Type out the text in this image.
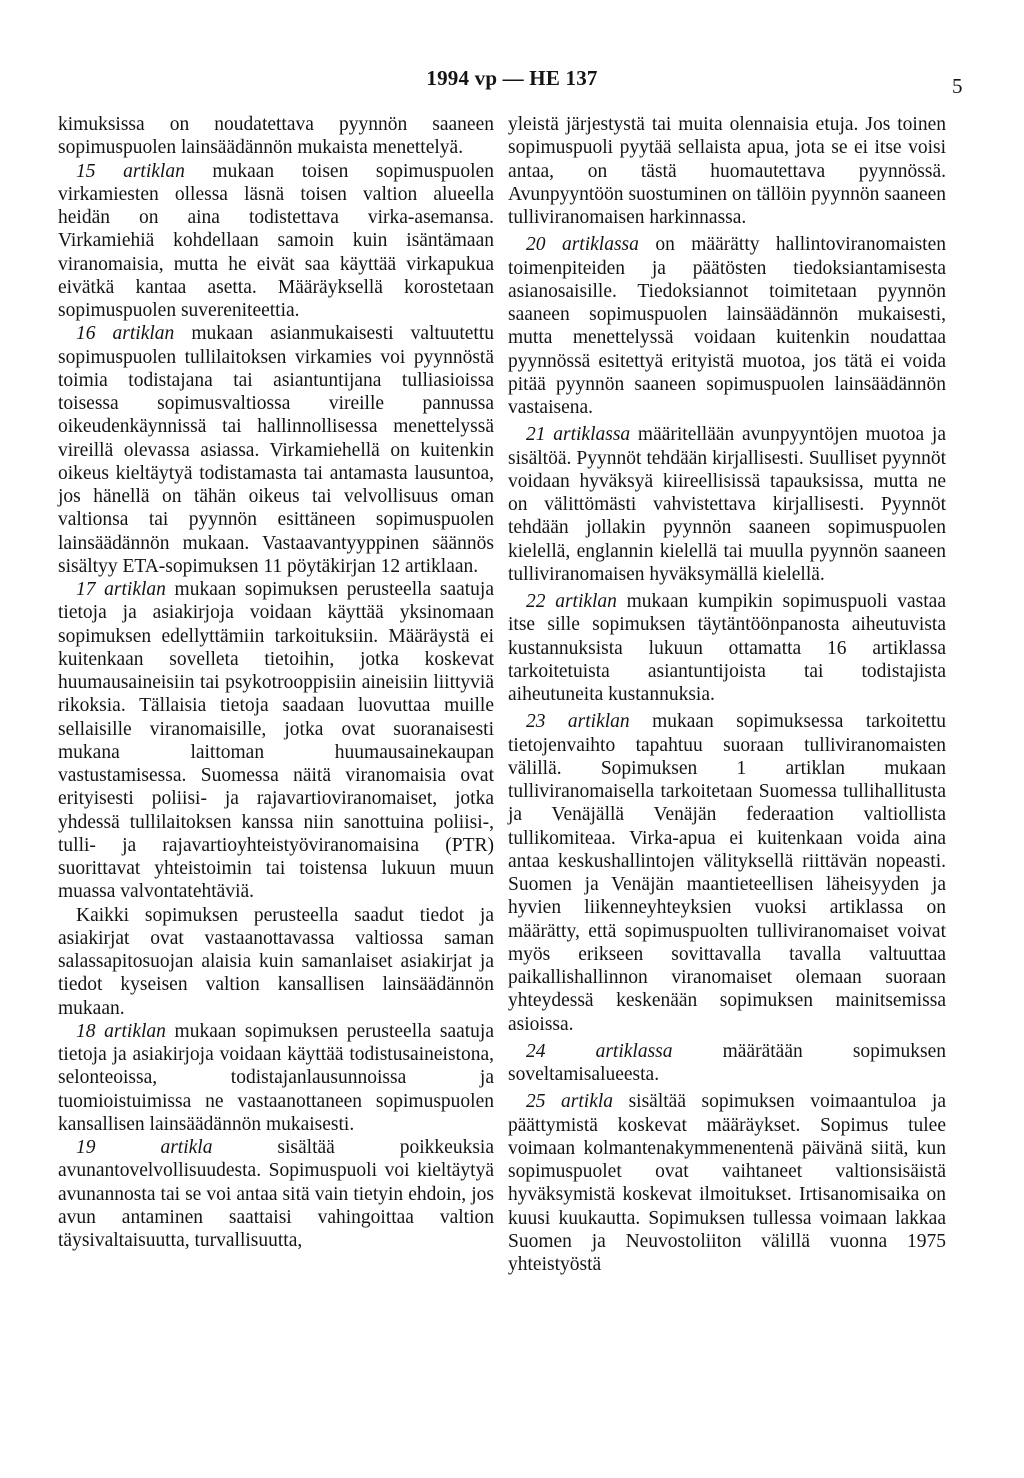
1994 vp — HE 137	5

kimuksissa on noudatettava pyynnön saaneen sopimuspuolen lainsäädännön mukaista menettelyä.

15 artiklan mukaan toisen sopimuspuolen virkamiesten ollessa läsnä toisen valtion alueella heidän on aina todistettava virka-asemansa. Virkamiehiä kohdellaan samoin kuin isäntämaan viranomaisia, mutta he eivät saa käyttää virkapukua eivätkä kantaa asetta. Määräyksellä korostetaan sopimuspuolen suvereniteettia.

16 artiklan mukaan asianmukaisesti valtuutettu sopimuspuolen tullilaitoksen virkamies voi pyynnöstä toimia todistajana tai asiantuntijana tulliasioissa toisessa sopimusvaltiossa vireille pannussa oikeudenkäynnissä tai hallinnollisessa menettelyssä vireillä olevassa asiassa. Virkamiehellä on kuitenkin oikeus kieltäytyä todistamasta tai antamasta lausuntoa, jos hänellä on tähän oikeus tai velvollisuus oman valtionsa tai pyynnön esittäneen sopimuspuolen lainsäädännön mukaan. Vastaavantyyppinen säännös sisältyy ETA-sopimuksen 11 pöytäkirjan 12 artiklaan.

17 artiklan mukaan sopimuksen perusteella saatuja tietoja ja asiakirjoja voidaan käyttää yksinomaan sopimuksen edellyttämiin tarkoituksiin. Määräystä ei kuitenkaan sovelleta tietoihin, jotka koskevat huumausaineisiin tai psykotrooppisiin aineisiin liittyviä rikoksia. Tällaisia tietoja saadaan luovuttaa muille sellaisille viranomaisille, jotka ovat suoranaisesti mukana laittoman huumausainekaupan vastustamisessa. Suomessa näitä viranomaisia ovat erityisesti poliisi- ja rajavartioviranomaiset, jotka yhdessä tullilaitoksen kanssa niin sanottuina poliisi-, tulli- ja rajavartioyhteistyöviranomaisina (PTR) suorittavat yhteistoimin tai toistensa lukuun muun muassa valvontatehtäviä.

Kaikki sopimuksen perusteella saadut tiedot ja asiakirjat ovat vastaanottavassa valtiossa saman salassapitosuojan alaisia kuin samanlaiset asiakirjat ja tiedot kyseisen valtion kansallisen lainsäädännön mukaan.

18 artiklan mukaan sopimuksen perusteella saatuja tietoja ja asiakirjoja voidaan käyttää todistusaineistona, selonteoissa, todistajanlausunnoissa ja tuomioistuimissa ne vastaanottaneen sopimuspuolen kansallisen lainsäädännön mukaisesti.

19 artikla sisältää poikkeuksia avunantovelvollisuudesta. Sopimuspuoli voi kieltäytyä avunannosta tai se voi antaa sitä vain tietyin ehdoin, jos avun antaminen saattaisi vahingoittaa valtion täysivaltaisuutta, turvallisuutta,

yleistä järjestystä tai muita olennaisia etuja. Jos toinen sopimuspuoli pyytää sellaista apua, jota se ei itse voisi antaa, on tästä huomautettava pyynnössä. Avunpyyntöön suostuminen on tällöin pyynnön saaneen tulliviranomaisen harkinnassa.

20 artiklassa on määrätty hallintoviranomaisten toimenpiteiden ja päätösten tiedoksiantamisesta asianosaisille. Tiedoksiannot toimitetaan pyynnön saaneen sopimuspuolen lainsäädännön mukaisesti, mutta menettelyssä voidaan kuitenkin noudattaa pyynnössä esitettyä erityistä muotoa, jos tätä ei voida pitää pyynnön saaneen sopimuspuolen lainsäädännön vastaisena.

21 artiklassa määritellään avunpyyntöjen muotoa ja sisältöä. Pyynnöt tehdään kirjallisesti. Suulliset pyynnöt voidaan hyväksyä kiireellisissä tapauksissa, mutta ne on välittömästi vahvistettava kirjallisesti. Pyynnöt tehdään jollakin pyynnön saaneen sopimuspuolen kielellä, englannin kielellä tai muulla pyynnön saaneen tulliviranomaisen hyväksymällä kielellä.

22 artiklan mukaan kumpikin sopimuspuoli vastaa itse sille sopimuksen täytäntöönpanosta aiheutuvista kustannuksista lukuun ottamatta 16 artiklassa tarkoitetuista asiantuntijoista tai todistajista aiheutuneita kustannuksia.

23 artiklan mukaan sopimuksessa tarkoitettu tietojenvaihto tapahtuu suoraan tulliviranomaisten välillä. Sopimuksen 1 artiklan mukaan tulliviranomaisella tarkoitetaan Suomessa tullihallitusta ja Venäjällä Venäjän federaation valtiollista tullikomiteaa. Virka-apua ei kuitenkaan voida aina antaa keskushallintojen välityksellä riittävän nopeasti. Suomen ja Venäjän maantieteellisen läheisyyden ja hyvien liikenneyhteyksien vuoksi artiklassa on määrätty, että sopimuspuolten tulliviranomaiset voivat myös erikseen sovittavalla tavalla valtuuttaa paikallishallinnon viranomaiset olemaan suoraan yhteydessä keskenään sopimuksen mainitsemissa asioissa.

24 artiklassa määrätään sopimuksen soveltamisalueesta.

25 artikla sisältää sopimuksen voimaantuloa ja päättymistä koskevat määräykset. Sopimus tulee voimaan kolmantenakymmenentenä päivänä siitä, kun sopimuspuolet ovat vaihtaneet valtionsisäistä hyväksymistä koskevat ilmoitukset. Irtisanomisaika on kuusi kuukautta. Sopimuksen tullessa voimaan lakkaa Suomen ja Neuvostoliiton välillä vuonna 1975 yhteistyöstä
